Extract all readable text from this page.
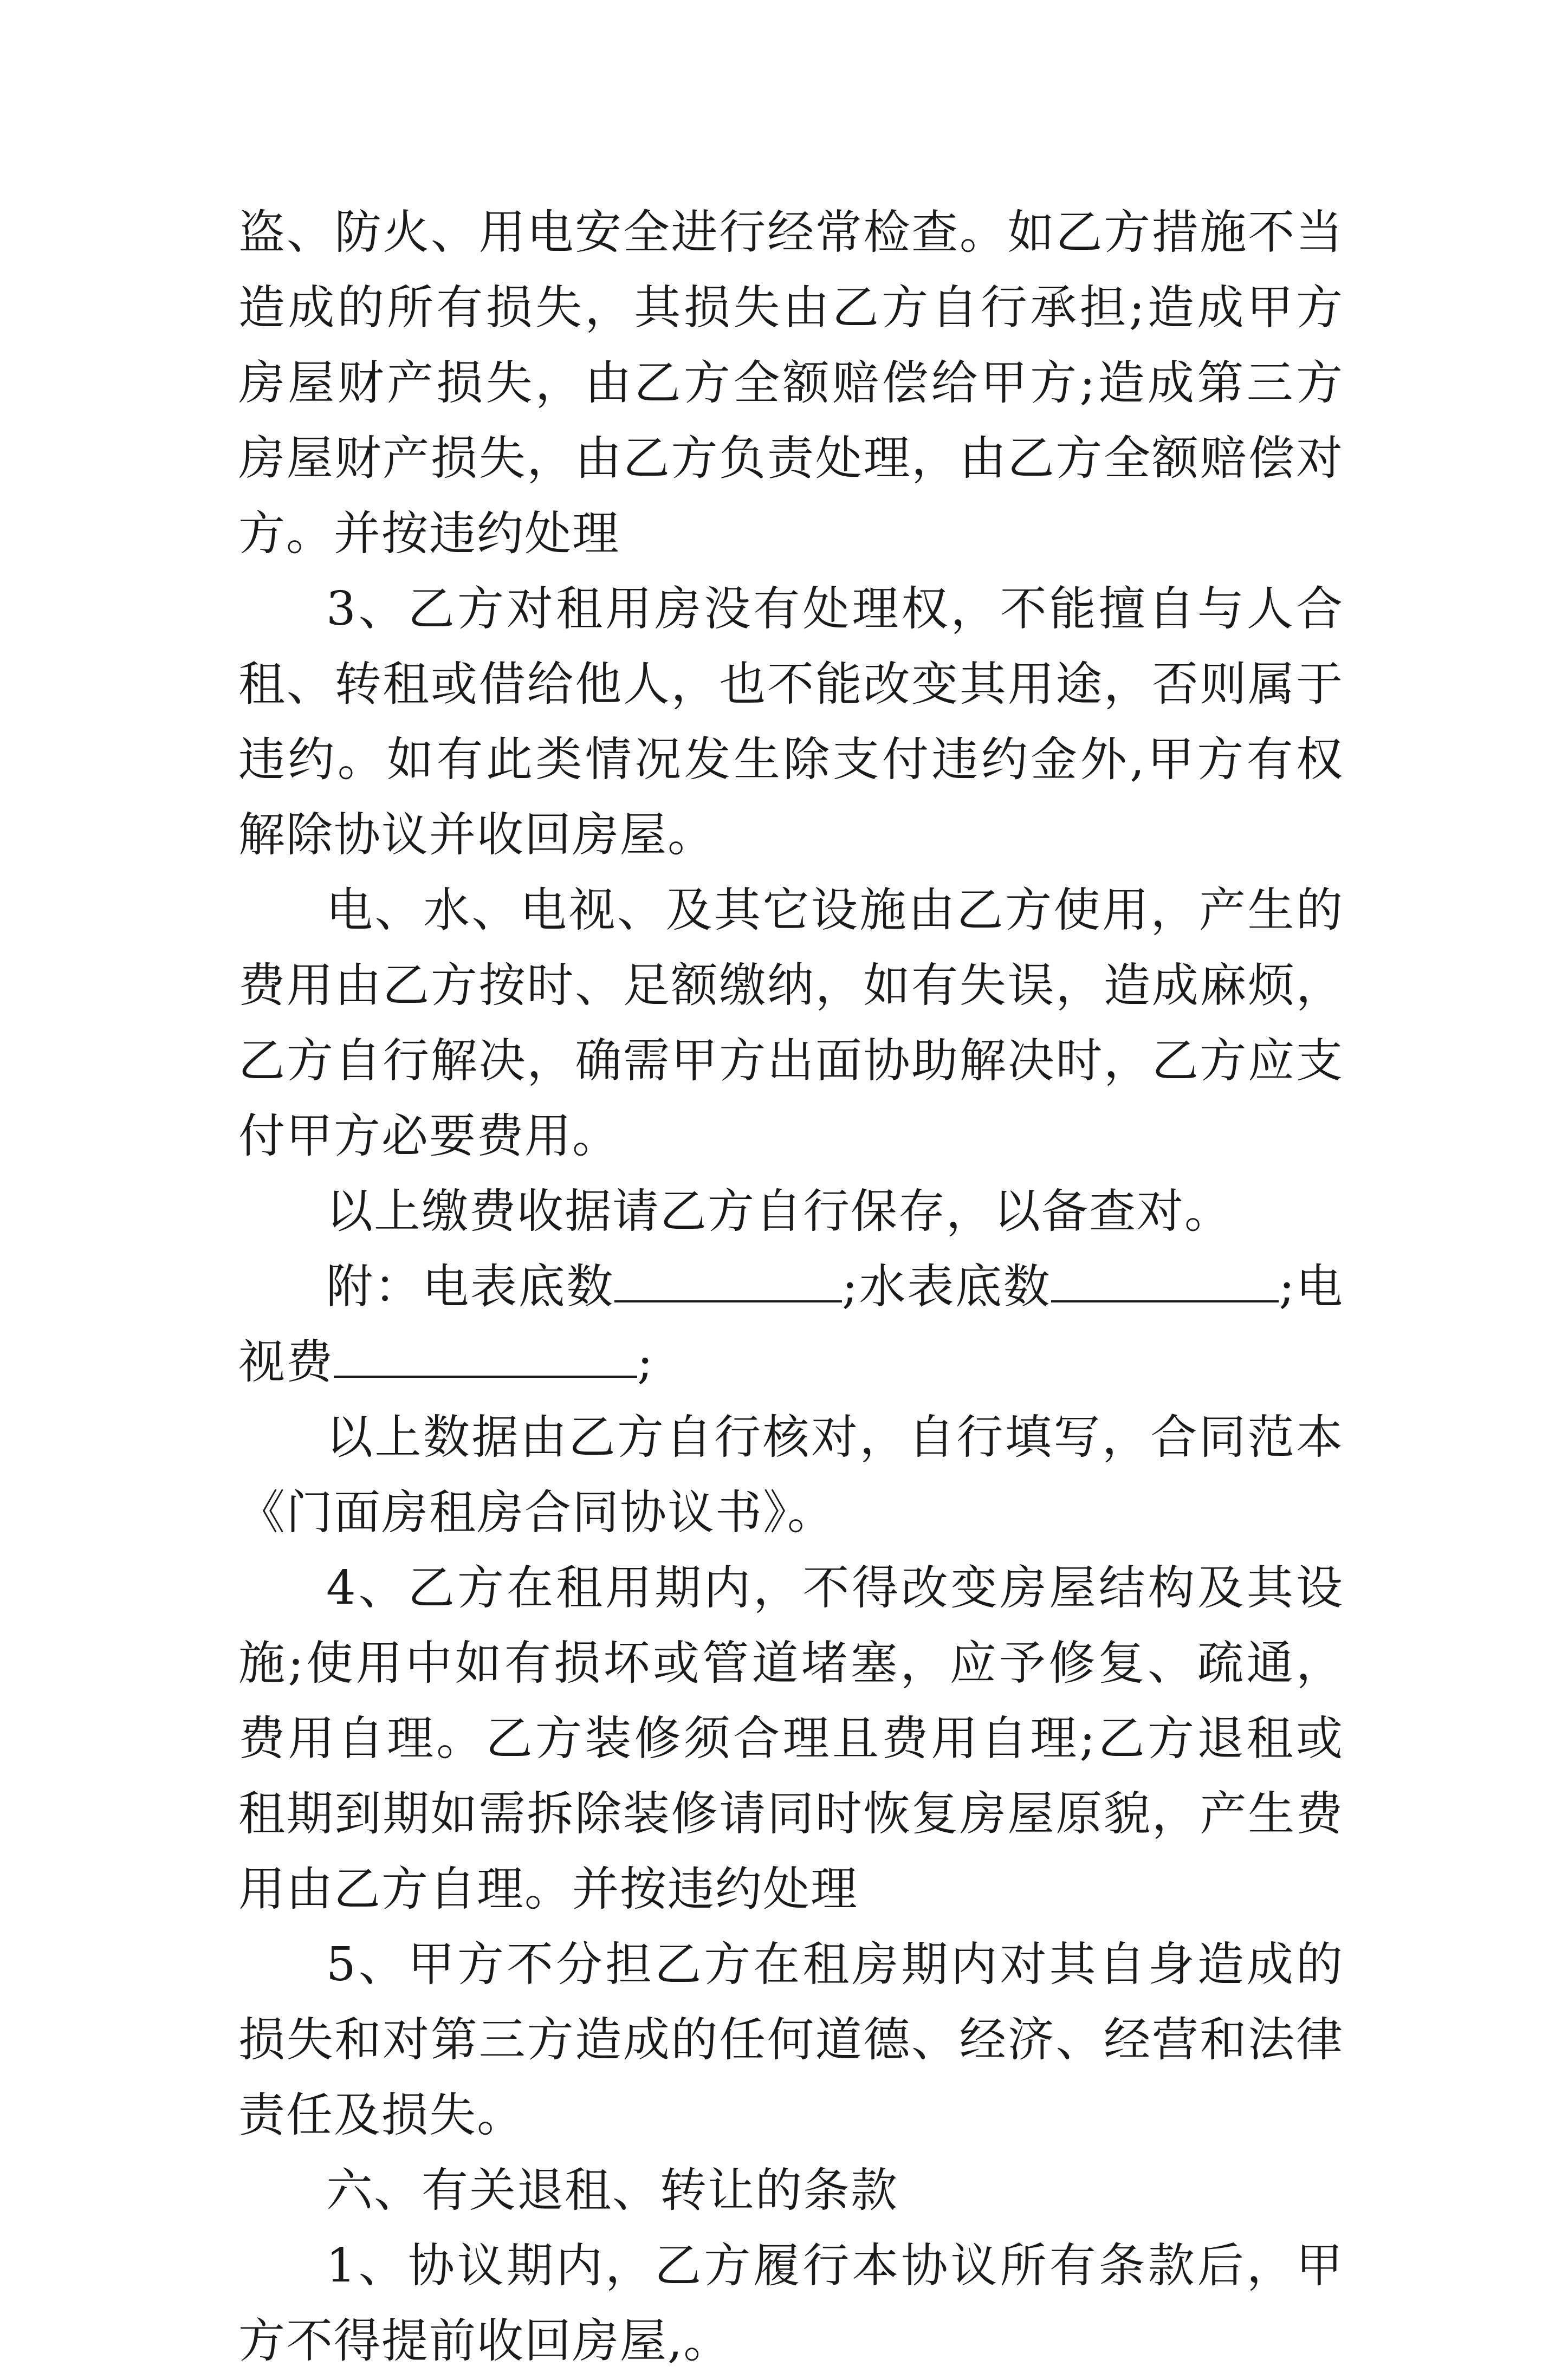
盗、防火、用电安全进行经常检查。如乙方措施不当造成的所有损失，其损失由乙方自行承担;造成甲方房屋财产损失，由乙方全额赔偿给甲方;造成第三方房屋财产损失，由乙方负责处理，由乙方全额赔偿对方。并按违约处理

3、乙方对租用房没有处理权，不能擅自与人合租、转租或借给他人，也不能改变其用途，否则属于违约。如有此类情况发生除支付违约金外,甲方有权解除协议并收回房屋。

电、水、电视、及其它设施由乙方使用，产生的费用由乙方按时、足额缴纳，如有失误，造成麻烦，乙方自行解决，确需甲方出面协助解决时，乙方应支付甲方必要费用。

以上缴费收据请乙方自行保存，以备查对。

附：电表底数	;水表底数	;电视费	;

以上数据由乙方自行核对，自行填写，合同范本《门面房租房合同协议书》。

4、乙方在租用期内，不得改变房屋结构及其设施;使用中如有损坏或管道堵塞，应予修复、疏通，费用自理。乙方装修须合理且费用自理;乙方退租或租期到期如需拆除装修请同时恢复房屋原貌，产生费用由乙方自理。并按违约处理

5、甲方不分担乙方在租房期内对其自身造成的损失和对第三方造成的任何道德、经济、经营和法律责任及损失。

六、有关退租、转让的条款

1、协议期内，乙方履行本协议所有条款后，甲方不得提前收回房屋,。
